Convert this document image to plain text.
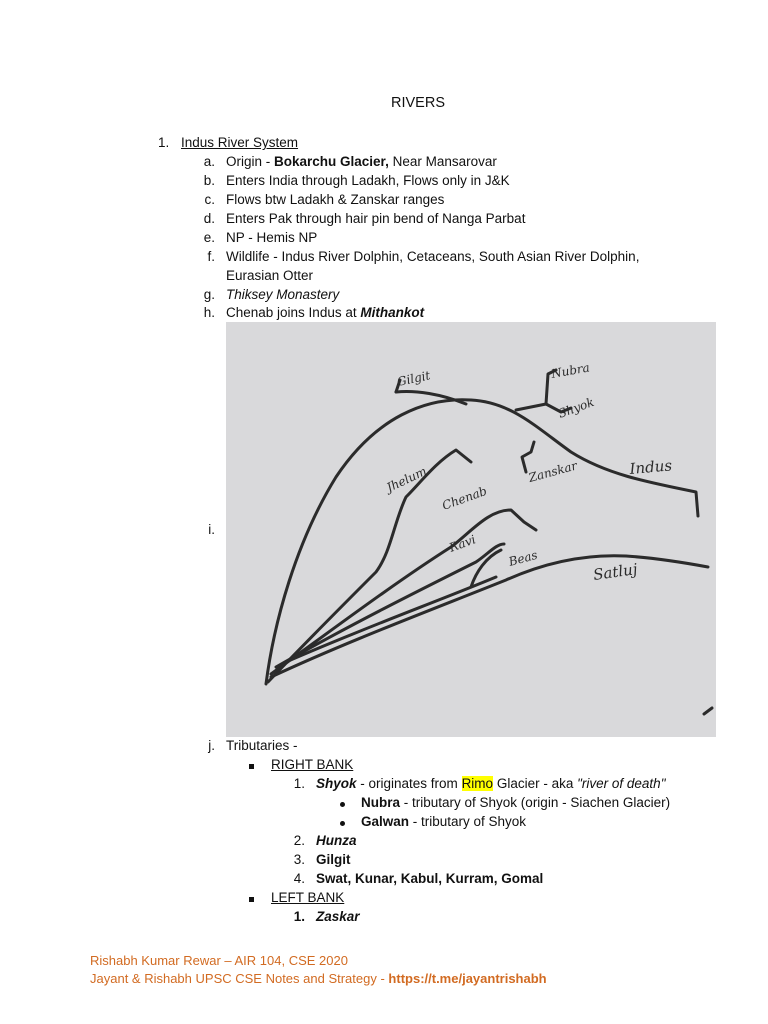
RIVERS
1. Indus River System
a. Origin - Bokarchu Glacier, Near Mansarovar
b. Enters India through Ladakh, Flows only in J&K
c. Flows btw Ladakh & Zanskar ranges
d. Enters Pak through hair pin bend of Nanga Parbat
e. NP - Hemis NP
f. Wildlife - Indus River Dolphin, Cetaceans, South Asian River Dolphin,
Eurasian Otter
g. Thiksey Monastery
h. Chenab joins Indus at Mithankot
i.
Gilgit	Nubra
Shyok
Zanskar	Indus
Jhelum
Chenab
Ravi
Beas
Satluj
j. Tributaries -
RIGHT BANK
1. Shyok - originates from Rimo Glacier - aka "river of death"
Nubra - tributary of Shyok (origin - Siachen Glacier)
Galwan - tributary of Shyok
2. Hunza
3. Gilgit
4. Swat, Kunar, Kabul, Kurram, Gomal
LEFT BANK
1. Zaskar
Rishabh Kumar Rewar – AIR 104, CSE 2020
Jayant & Rishabh UPSC CSE Notes and Strategy - https://t.me/jayantrishabh
